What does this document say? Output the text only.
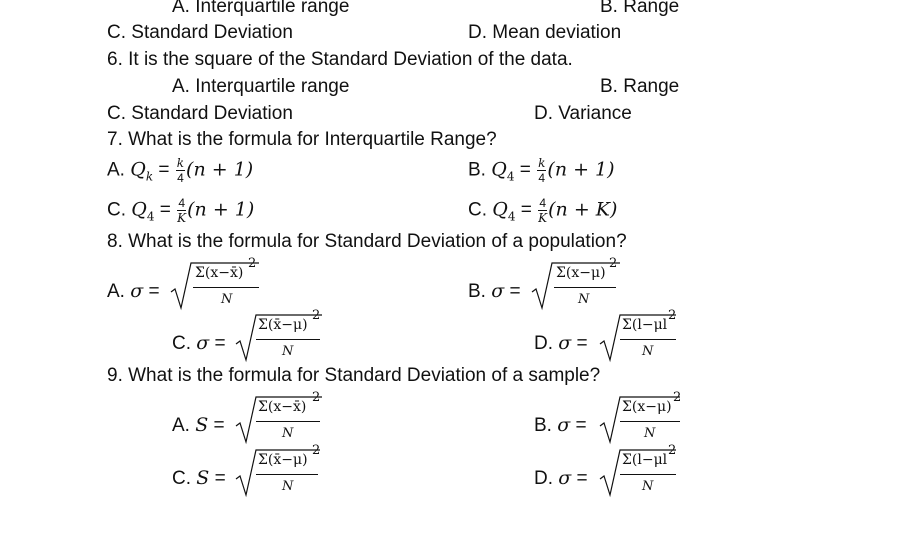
A. Interquartile range	B. Range
C. Standard Deviation	D. Mean deviation
6. It is the square of the Standard Deviation of the data.
A. Interquartile range	B. Range
C. Standard Deviation	D. Variance
7. What is the formula for Interquartile Range?
A. $Q_k = \frac{k}{4} (n + 1)$	B. $Q_4 = \frac{k}{4} (n + 1)$
C. $Q_4 = \frac{4}{K} (n + 1)$	C. $Q_4 = \frac{4}{K} (n + K)$
8. What is the formula for Standard Deviation of a population?
A. σ =
Σ(x−x̄)
2
N	B. σ =
Σ(x−μ)
2
N
C. σ =
Σ(x̄−μ)
2
N	D. σ =
Σ(l−μl
2
N
9. What is the formula for Standard Deviation of a sample?
A. S =
Σ(x−x̄)
2
N	B. σ =
Σ(x−μ)
2
N
C. S =
Σ(x̄−μ)
2
N	D. σ =
Σ(l−μl
2
N
